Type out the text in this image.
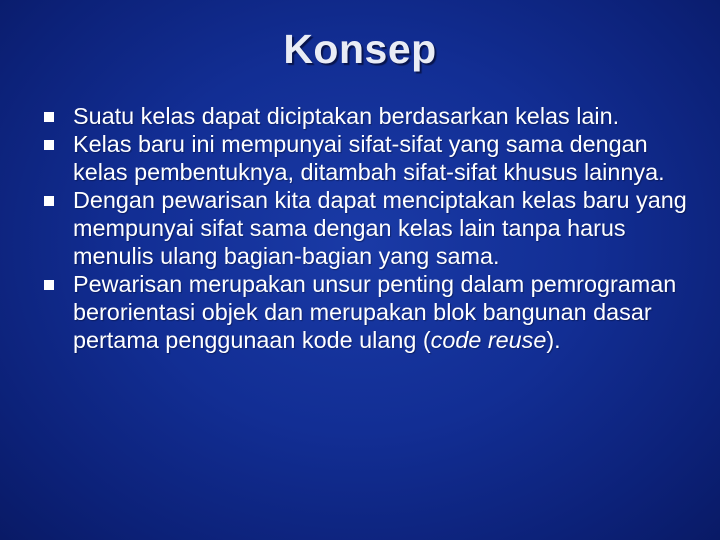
Konsep
Suatu kelas dapat diciptakan berdasarkan kelas lain.
Kelas baru ini mempunyai sifat-sifat yang sama dengan kelas pembentuknya, ditambah sifat-sifat khusus lainnya.
Dengan pewarisan kita dapat menciptakan kelas baru yang mempunyai sifat sama dengan kelas lain tanpa harus menulis ulang bagian-bagian yang sama.
Pewarisan merupakan unsur penting dalam pemrograman berorientasi objek dan merupakan blok bangunan dasar pertama penggunaan kode ulang (code reuse).
